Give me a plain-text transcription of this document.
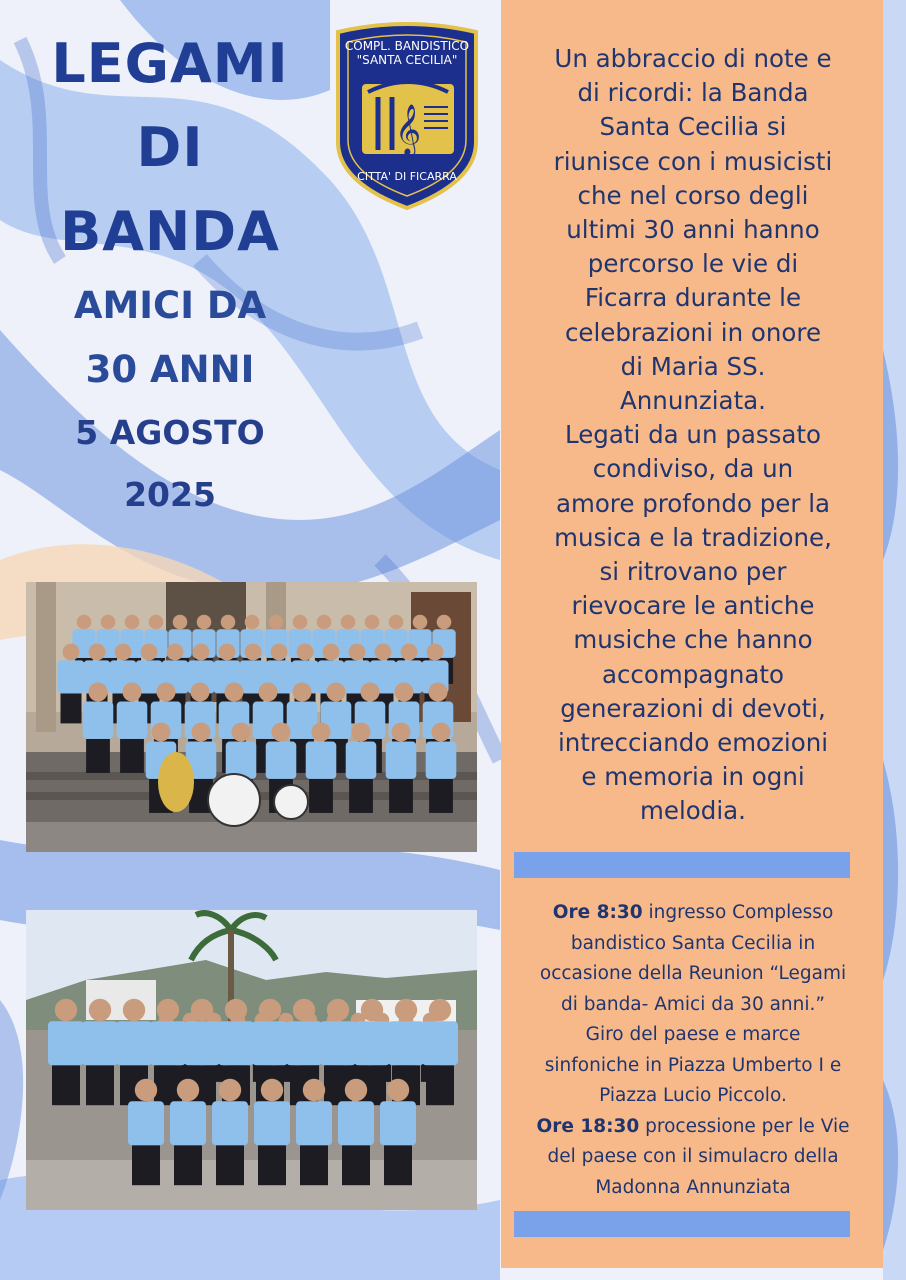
LEGAMI
DI
BANDA
AMICI DA
30 ANNI
5 AGOSTO
2025
COMPL. BANDISTICO
"SANTA CECILIA"
𝄞
CITTA' DI FICARRA
Un abbraccio di note e
di ricordi: la Banda
Santa Cecilia si
riunisce con i musicisti
che nel corso degli
ultimi 30 anni hanno
percorso le vie di
Ficarra durante le
celebrazioni in onore
di Maria SS.
Annunziata.
Legati da un passato
condiviso, da un
amore profondo per la
musica e la tradizione,
si ritrovano per
rievocare le antiche
musiche che hanno
accompagnato
generazioni di devoti,
intrecciando emozioni
e memoria in ogni
melodia.
Ore 8:30 ingresso Complesso
bandistico Santa Cecilia in
occasione della Reunion “Legami
di banda- Amici da 30 anni.”
Giro del paese e marce
sinfoniche in Piazza Umberto I e
Piazza Lucio Piccolo.
Ore 18:30 processione per le Vie
del paese con il simulacro della
Madonna Annunziata
